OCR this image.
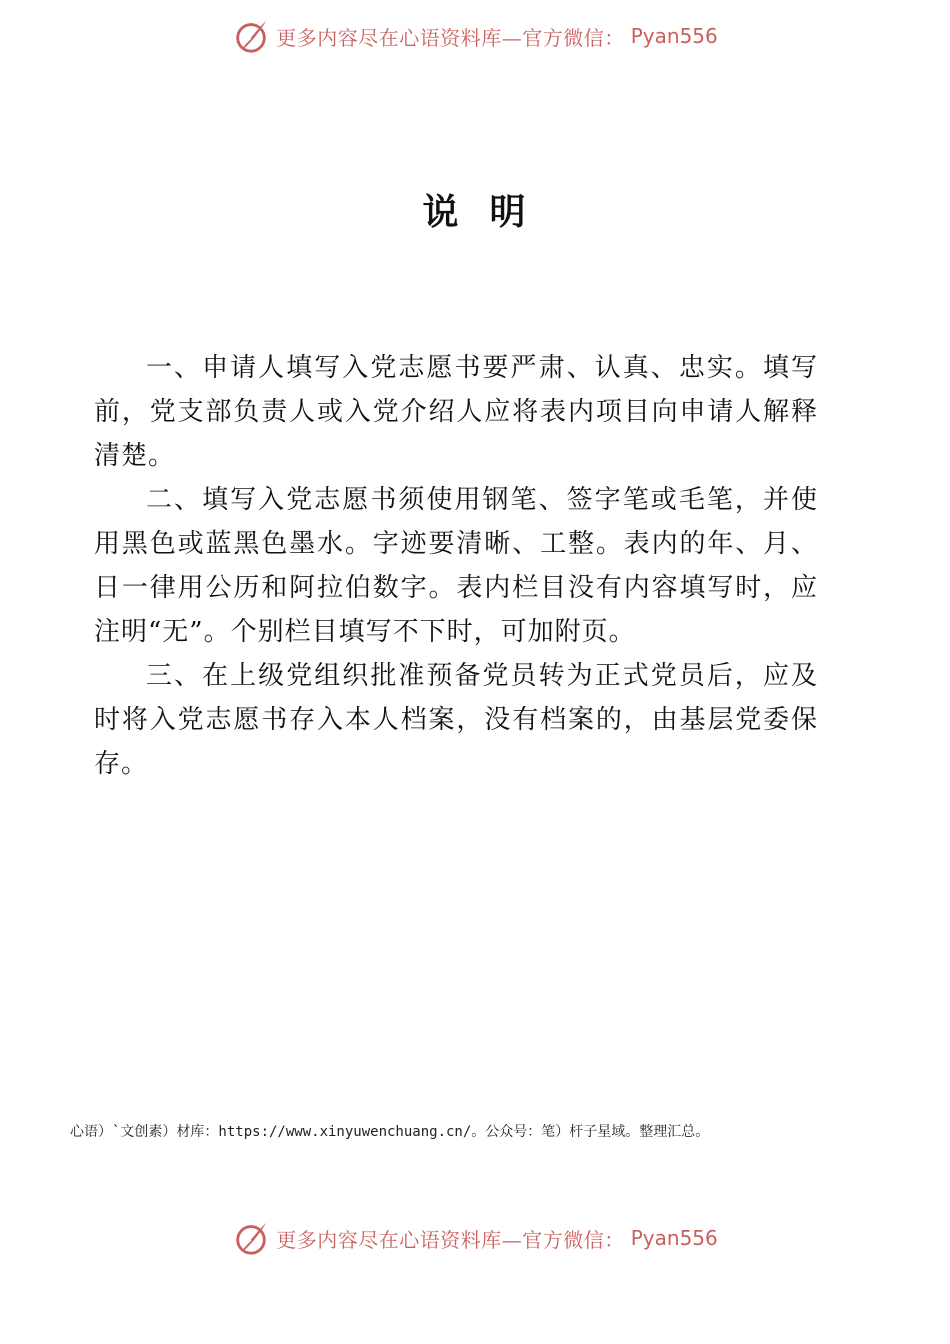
更多内容尽在心语资料库—官方微信： Pyan556
说  明

一、申请人填写入党志愿书要严肃、认真、忠实。填写前，党支部负责人或入党介绍人应将表内项目向申请人解释清楚。

二、填写入党志愿书须使用钢笔、签字笔或毛笔，并使用黑色或蓝黑色墨水。字迹要清晰、工整。表内的年、月、日一律用公历和阿拉伯数字。表内栏目没有内容填写时，应注明“无”。个别栏目填写不下时，可加附页。

三、在上级党组织批准预备党员转为正式党员后，应及时将入党志愿书存入本人档案，没有档案的，由基层党委保存。

心语）`文创素）材库：https://www.xinyuwenchuang.cn/。公众号：笔）杆子星域。整理汇总。
更多内容尽在心语资料库—官方微信： Pyan556
